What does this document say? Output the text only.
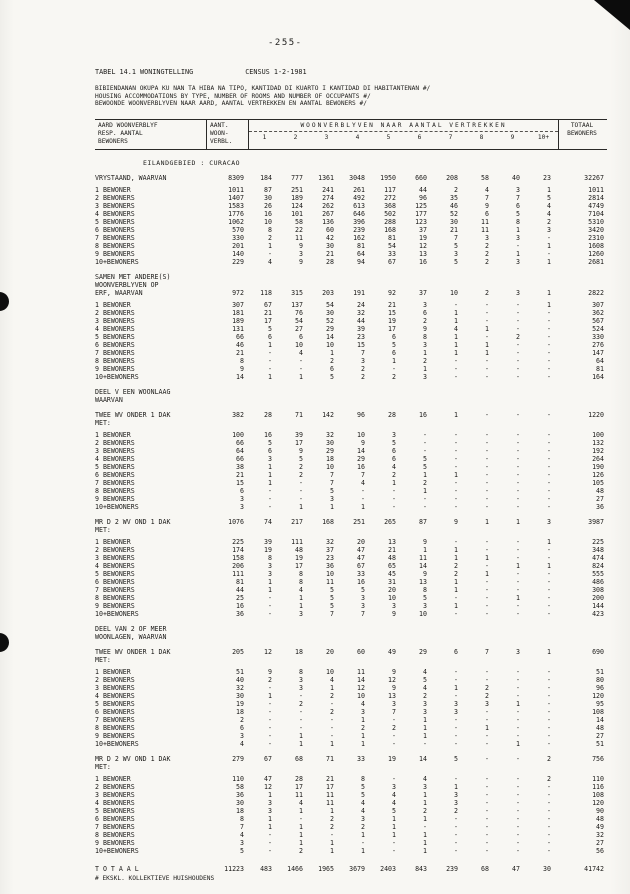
-255-
TABEL 14.1 WONINGTELLING	CENSUS 1-2-1981
BIBIENDANAN OKUPA KU NAN TA HIBA NA TIPO, KANTIDAD DI KUARTO I KANTIDAD DI HABITANTENAN #/
HOUSING ACCOMMODATIONS BY TYPE, NUMBER OF ROOMS AND NUMBER OF OCCUPANTS #/
BEWOONDE WOONVERBLYVEN NAAR AARD, AANTAL VERTREKKEN EN AANTAL BEWONERS #/
AARD WOONVERBLYF
RESP. AANTAL
BEWONERS
AANT.
WOON-
VERBL.
WOONVERBLYVEN NAAR AANTAL VERTREKKEN
1	2	3	4	5	6	7	8	9	10+
TOTAAL
BEWONERS
EILANDGEBIED : CURACAO
VRYSTAAND, WAARVAN	8309	184	777	1361	3048	1950	660	208	58	40	23	32267
1 BEWONER	1011	87	251	241	261	117	44	2	4	3	1	1011
2 BEWONERS	1407	30	189	274	492	272	96	35	7	7	5	2814
3 BEWONERS	1583	26	124	262	613	368	125	46	9	6	4	4749
4 BEWONERS	1776	16	101	267	646	502	177	52	6	5	4	7104
5 BEWONERS	1062	10	58	136	396	288	123	30	11	8	2	5310
6 BEWONERS	570	8	22	60	239	168	37	21	11	1	3	3420
7 BEWONERS	330	2	11	42	162	81	19	7	3	3	-	2310
8 BEWONERS	201	1	9	30	81	54	12	5	2	-	1	1608
9 BEWONERS	140	-	3	21	64	33	13	3	2	1	-	1260
10+BEWONERS	229	4	9	28	94	67	16	5	2	3	1	2681
SAMEN MET ANDERE(S)
WOONVERBLYVEN OP
ERF, WAARVAN	972	118	315	203	191	92	37	10	2	3	1	2822
1 BEWONER	307	67	137	54	24	21	3	-	-	-	1	307
2 BEWONERS	181	21	76	30	32	15	6	1	-	-	-	362
3 BEWONERS	189	17	54	52	44	19	2	1	-	-	-	567
4 BEWONERS	131	5	27	29	39	17	9	4	1	-	-	524
5 BEWONERS	66	6	6	14	23	6	8	1	-	2	-	330
6 BEWONERS	46	1	10	10	15	5	3	1	1	-	-	276
7 BEWONERS	21	-	4	1	7	6	1	1	1	-	-	147
8 BEWONERS	8	-	-	2	3	1	2	-	-	-	-	64
9 BEWONERS	9	-	-	6	2	-	1	-	-	-	-	81
10+BEWONERS	14	1	1	5	2	2	3	-	-	-	-	164
DEEL V EEN WOONLAAG
WAARVAN
TWEE WV ONDER 1 DAK	382	28	71	142	96	28	16	1	-	-	-	1220
MET:
1 BEWONER	100	16	39	32	10	3	-	-	-	-	-	100
2 BEWONERS	66	5	17	30	9	5	-	-	-	-	-	132
3 BEWONERS	64	6	9	29	14	6	-	-	-	-	-	192
4 BEWONERS	66	3	5	18	29	6	5	-	-	-	-	264
5 BEWONERS	38	1	2	10	16	4	5	-	-	-	-	190
6 BEWONERS	21	1	2	7	7	2	1	1	-	-	-	126
7 BEWONERS	15	1	-	7	4	1	2	-	-	-	-	105
8 BEWONERS	6	-	-	5	-	-	1	-	-	-	-	48
9 BEWONERS	3	-	-	3	-	-	-	-	-	-	-	27
10+BEWONERS	3	-	1	1	1	-	-	-	-	-	-	36
MR D 2 WV OND 1 DAK	1076	74	217	168	251	265	87	9	1	1	3	3987
MET:
1 BEWONER	225	39	111	32	20	13	9	-	-	-	1	225
2 BEWONERS	174	19	48	37	47	21	1	1	-	-	-	348
3 BEWONERS	158	8	19	23	47	48	11	1	1	-	-	474
4 BEWONERS	206	3	17	36	67	65	14	2	-	1	1	824
5 BEWONERS	111	3	8	10	33	45	9	2	1	-	-	555
6 BEWONERS	81	1	8	11	16	31	13	1	-	-	-	486
7 BEWONERS	44	1	4	5	5	20	8	1	-	-	-	308
8 BEWONERS	25	-	1	5	3	10	5	-	-	1	-	200
9 BEWONERS	16	-	1	5	3	3	3	1	-	-	-	144
10+BEWONERS	36	-	3	7	7	9	10	-	-	-	-	423
DEEL VAN 2 OF MEER
WOONLAGEN, WAARVAN
TWEE WV ONDER 1 DAK	205	12	18	20	60	49	29	6	7	3	1	690
MET:
1 BEWONER	51	9	8	10	11	9	4	-	-	-	-	51
2 BEWONERS	40	2	3	4	14	12	5	-	-	-	-	80
3 BEWONERS	32	-	3	1	12	9	4	1	2	-	-	96
4 BEWONERS	30	1	-	2	10	13	2	-	2	-	-	120
5 BEWONERS	19	-	2	-	4	3	3	3	3	1	-	95
6 BEWONERS	18	-	-	2	3	7	3	3	-	-	-	108
7 BEWONERS	2	-	-	-	1	-	1	-	-	-	-	14
8 BEWONERS	6	-	-	-	2	2	1	-	1	-	-	48
9 BEWONERS	3	-	1	-	1	-	1	-	-	-	-	27
10+BEWONERS	4	-	1	1	1	-	-	-	-	1	-	51
MR D 2 WV OND 1 DAK	279	67	68	71	33	19	14	5	-	-	2	756
MET:
1 BEWONER	110	47	28	21	8	-	4	-	-	-	2	110
2 BEWONERS	58	12	17	17	5	3	3	1	-	-	-	116
3 BEWONERS	36	1	11	11	5	4	1	3	-	-	-	108
4 BEWONERS	30	3	4	11	4	4	1	3	-	-	-	120
5 BEWONERS	18	3	1	1	4	5	2	2	-	-	-	90
6 BEWONERS	8	1	-	2	3	1	1	-	-	-	-	48
7 BEWONERS	7	1	1	2	2	1	-	-	-	-	-	49
8 BEWONERS	4	-	1	-	1	1	1	-	-	-	-	32
9 BEWONERS	3	-	1	1	-	-	1	-	-	-	-	27
10+BEWONERS	5	-	2	1	1	-	1	-	-	-	-	56
T O T A A L	11223	483	1466	1965	3679	2403	843	239	68	47	30	41742
# EKSKL. KOLLEKTIEVE HUISHOUDENS
